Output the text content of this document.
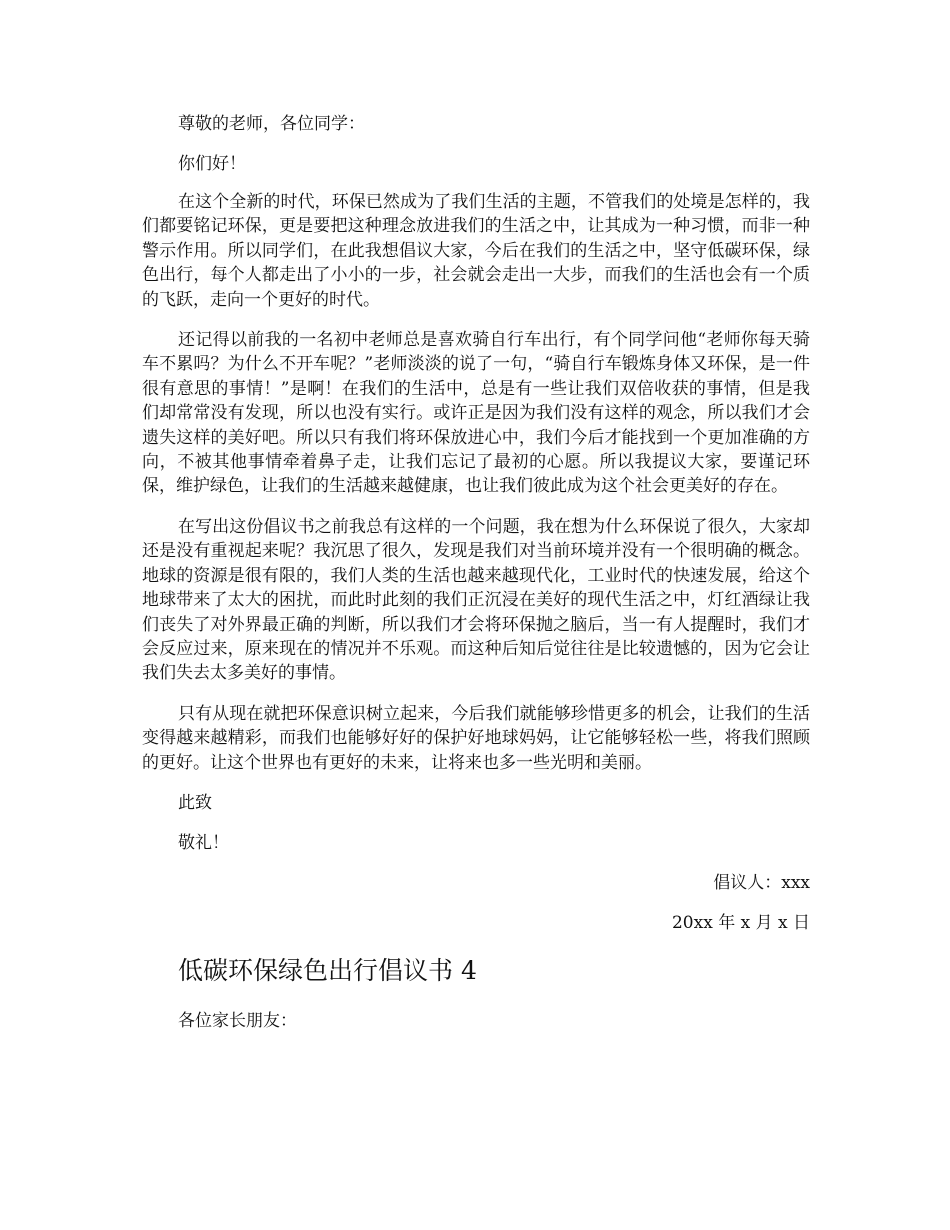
尊敬的老师，各位同学：

你们好！

在这个全新的时代，环保已然成为了我们生活的主题，不管我们的处境是怎样的，我们都要铭记环保，更是要把这种理念放进我们的生活之中，让其成为一种习惯，而非一种警示作用。所以同学们，在此我想倡议大家，今后在我们的生活之中，坚守低碳环保，绿色出行，每个人都走出了小小的一步，社会就会走出一大步，而我们的生活也会有一个质的飞跃，走向一个更好的时代。

还记得以前我的一名初中老师总是喜欢骑自行车出行，有个同学问他“老师你每天骑车不累吗？为什么不开车呢？”老师淡淡的说了一句，“骑自行车锻炼身体又环保，是一件很有意思的事情！”是啊！在我们的生活中，总是有一些让我们双倍收获的事情，但是我们却常常没有发现，所以也没有实行。或许正是因为我们没有这样的观念，所以我们才会遗失这样的美好吧。所以只有我们将环保放进心中，我们今后才能找到一个更加准确的方向，不被其他事情牵着鼻子走，让我们忘记了最初的心愿。所以我提议大家，要谨记环保，维护绿色，让我们的生活越来越健康，也让我们彼此成为这个社会更美好的存在。

在写出这份倡议书之前我总有这样的一个问题，我在想为什么环保说了很久，大家却还是没有重视起来呢？我沉思了很久，发现是我们对当前环境并没有一个很明确的概念。地球的资源是很有限的，我们人类的生活也越来越现代化，工业时代的快速发展，给这个地球带来了太大的困扰，而此时此刻的我们正沉浸在美好的现代生活之中，灯红酒绿让我们丧失了对外界最正确的判断，所以我们才会将环保抛之脑后，当一有人提醒时，我们才会反应过来，原来现在的情况并不乐观。而这种后知后觉往往是比较遗憾的，因为它会让我们失去太多美好的事情。

只有从现在就把环保意识树立起来，今后我们就能够珍惜更多的机会，让我们的生活变得越来越精彩，而我们也能够好好的保护好地球妈妈，让它能够轻松一些，将我们照顾的更好。让这个世界也有更好的未来，让将来也多一些光明和美丽。

此致

敬礼！

倡议人：xxx

20xx 年 x 月 x 日

低碳环保绿色出行倡议书 4

各位家长朋友：
